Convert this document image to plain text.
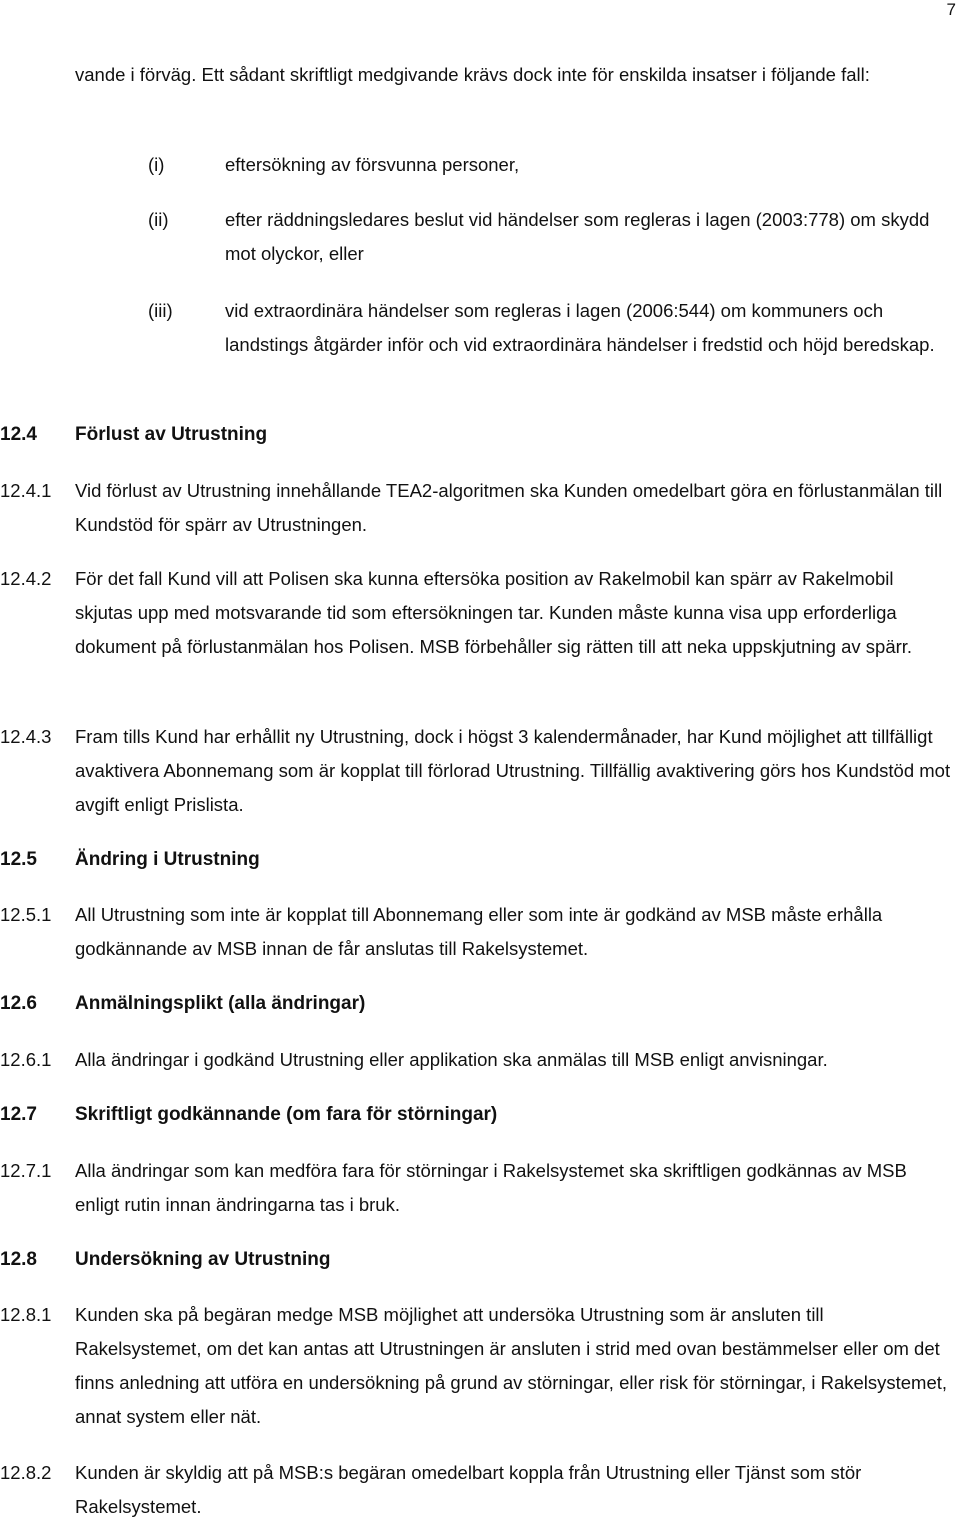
7

vande i förväg. Ett sådant skriftligt medgivande krävs dock inte för enskilda insatser i följande fall:

(i)	eftersökning av försvunna personer,
(ii)	efter räddningsledares beslut vid händelser som regleras i lagen (2003:778) om skydd mot olyckor, eller
(iii)	vid extraordinära händelser som regleras i lagen (2006:544) om kommuners och landstings åtgärder inför och vid extraordinära händelser i fredstid och höjd beredskap.
12.4 Förlust av Utrustning
12.4.1 Vid förlust av Utrustning innehållande TEA2-algoritmen ska Kunden omedelbart göra en förlustanmälan till Kundstöd för spärr av Utrustningen.
12.4.2 För det fall Kund vill att Polisen ska kunna eftersöka position av Rakelmobil kan spärr av Rakelmobil skjutas upp med motsvarande tid som eftersökningen tar. Kunden måste kunna visa upp erforderliga dokument på förlustanmälan hos Polisen. MSB förbehåller sig rätten till att neka uppskjutning av spärr.
12.4.3 Fram tills Kund har erhållit ny Utrustning, dock i högst 3 kalendermånader, har Kund möjlighet att tillfälligt avaktivera Abonnemang som är kopplat till förlorad Utrustning. Tillfällig avaktivering görs hos Kundstöd mot avgift enligt Prislista.
12.5 Ändring i Utrustning
12.5.1 All Utrustning som inte är kopplat till Abonnemang eller som inte är godkänd av MSB måste erhålla godkännande av MSB innan de får anslutas till Rakelsystemet.
12.6 Anmälningsplikt (alla ändringar)
12.6.1 Alla ändringar i godkänd Utrustning eller applikation ska anmälas till MSB enligt anvisningar.
12.7 Skriftligt godkännande (om fara för störningar)
12.7.1 Alla ändringar som kan medföra fara för störningar i Rakelsystemet ska skriftligen godkännas av MSB enligt rutin innan ändringarna tas i bruk.
12.8 Undersökning av Utrustning
12.8.1 Kunden ska på begäran medge MSB möjlighet att undersöka Utrustning som är ansluten till Rakelsystemet, om det kan antas att Utrustningen är ansluten i strid med ovan bestämmelser eller om det finns anledning att utföra en undersökning på grund av störningar, eller risk för störningar, i Rakelsystemet, annat system eller nät.
12.8.2 Kunden är skyldig att på MSB:s begäran omedelbart koppla från Utrustning eller Tjänst som stör Rakelsystemet.
